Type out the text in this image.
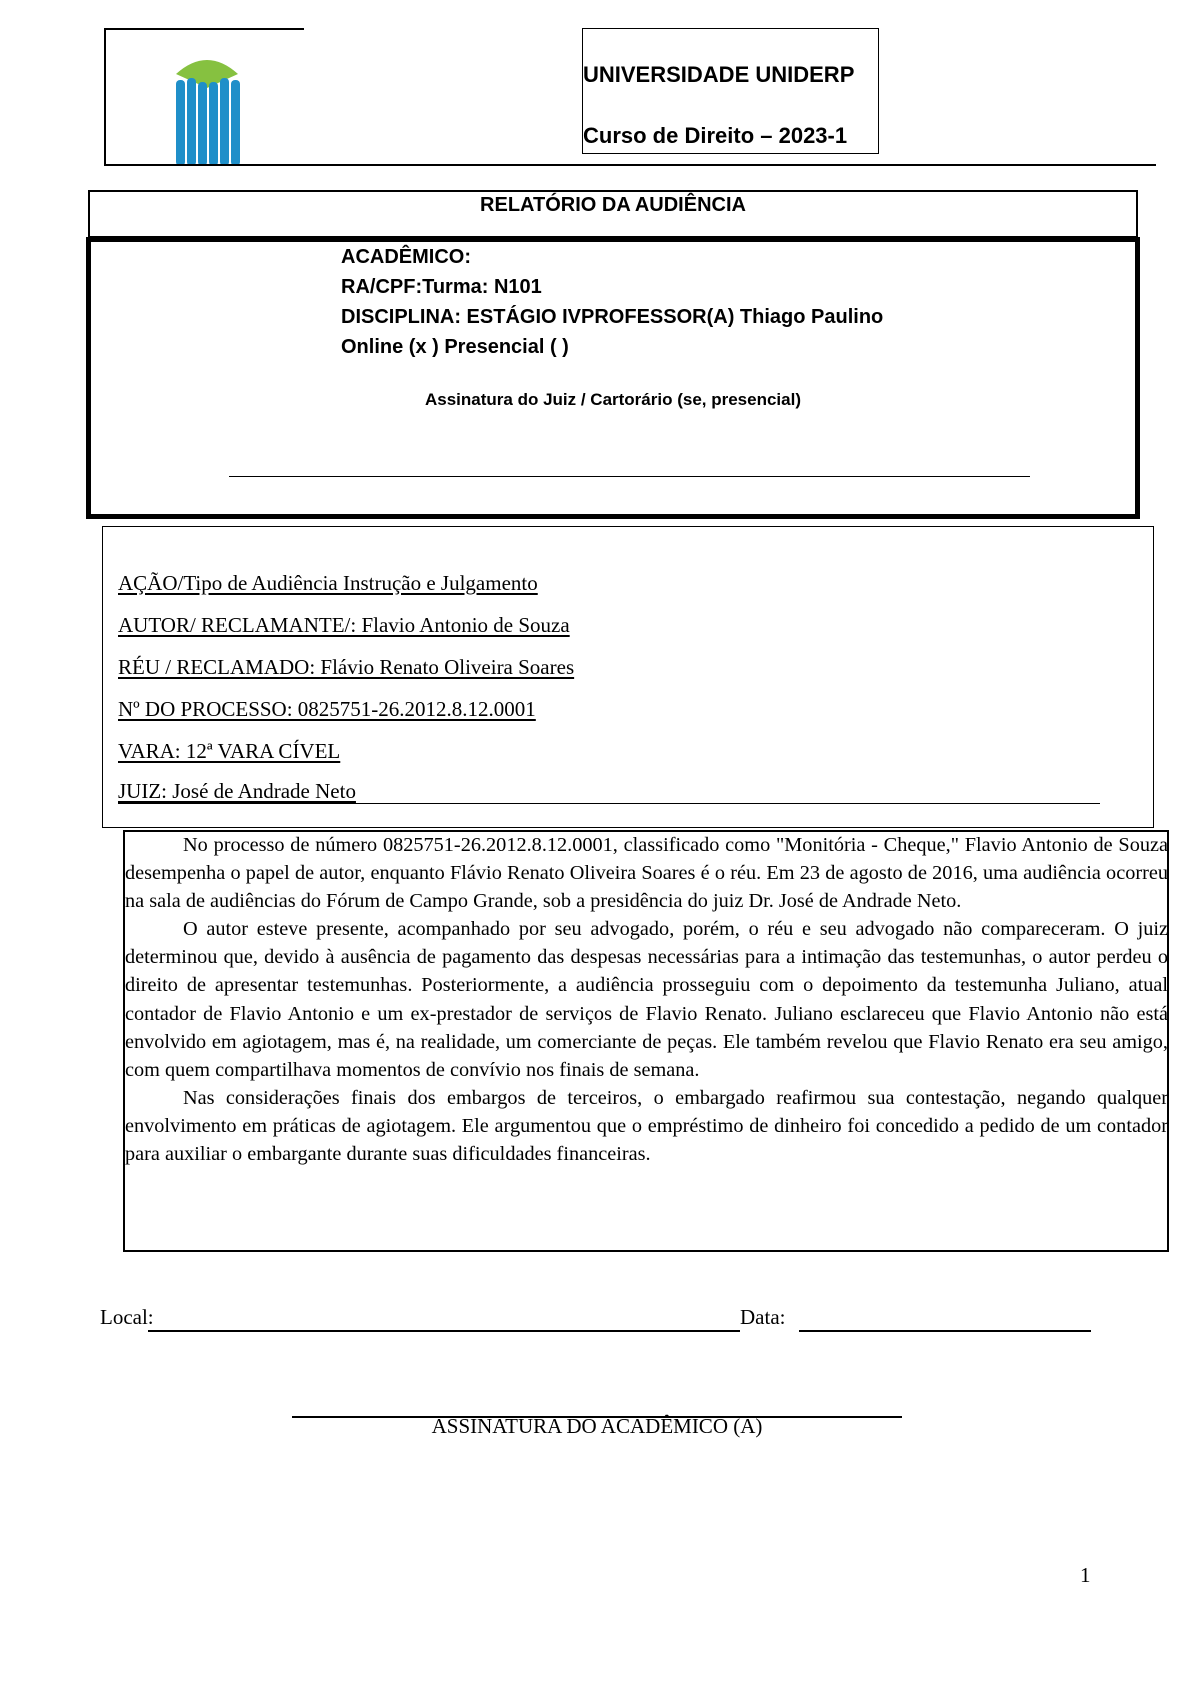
UNIVERSIDADE UNIDERP
Curso de Direito – 2023-1
RELATÓRIO DA AUDIÊNCIA
ACADÊMICO:
RA/CPF:Turma: N101
DISCIPLINA: ESTÁGIO IVPROFESSOR(A) Thiago Paulino
Online (x ) Presencial ( )
Assinatura do Juiz / Cartorário (se, presencial)
AÇÃO/Tipo de Audiência Instrução e Julgamento
AUTOR/ RECLAMANTE/: Flavio Antonio de Souza
RÉU / RECLAMADO: Flávio Renato Oliveira Soares
Nº DO PROCESSO: 0825751-26.2012.8.12.0001
VARA: 12ª VARA CÍVEL
JUIZ: José de Andrade Neto

No processo de número 0825751-26.2012.8.12.0001, classificado como "Monitória - Cheque," Flavio Antonio de Souza desempenha o papel de autor, enquanto Flávio Renato Oliveira Soares é o réu. Em 23 de agosto de 2016, uma audiência ocorreu na sala de audiências do Fórum de Campo Grande, sob a presidência do juiz Dr. José de Andrade Neto.

O autor esteve presente, acompanhado por seu advogado, porém, o réu e seu advogado não compareceram. O juiz determinou que, devido à ausência de pagamento das despesas necessárias para a intimação das testemunhas, o autor perdeu o direito de apresentar testemunhas. Posteriormente, a audiência prosseguiu com o depoimento da testemunha Juliano, atual contador de Flavio Antonio e um ex-prestador de serviços de Flavio Renato. Juliano esclareceu que Flavio Antonio não está envolvido em agiotagem, mas é, na realidade, um comerciante de peças. Ele também revelou que Flavio Renato era seu amigo, com quem compartilhava momentos de convívio nos finais de semana.

Nas considerações finais dos embargos de terceiros, o embargado reafirmou sua contestação, negando qualquer envolvimento em práticas de agiotagem. Ele argumentou que o empréstimo de dinheiro foi concedido a pedido de um contador para auxiliar o embargante durante suas dificuldades financeiras.

Local:	Data:
ASSINATURA DO ACADÊMICO (A)
1
